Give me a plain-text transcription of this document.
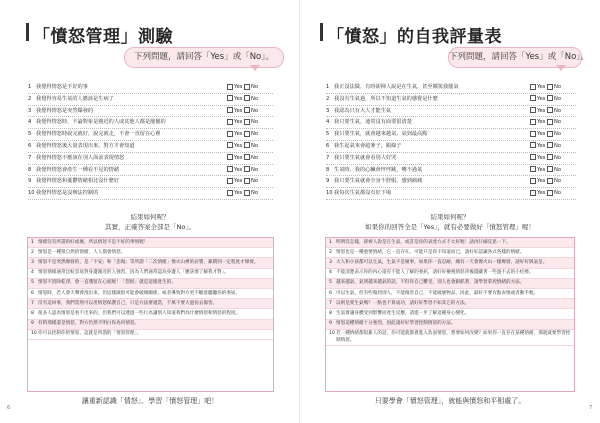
「憤怒管理」測驗
下列問題，請回答「Yes」或「No」。
1 我覺得情怒是不好的事	Yes No
2 我覺得容易生氣的人應該是生病了	Yes No
3 我覺得情怒是突然爆發的	Yes No
4 我覺得情怒時，不論對象是親近的人或其他人都是罷罷的	Yes No
5 我覺得情怒時說完就好，說完就走，不會一直留在心裡	Yes No
6 我覺得情怒後大量表現出來，對方才會知道	Yes No
7 我覺得情怒不應該在別人面前表現情怒	Yes No
8 我覺得情怒會產生一種看不見的情緒	Yes No
9 我覺得情怒和憂鬱情緒相比沒什麼好	Yes No
10 我覺得情怒是沒辦法控制的	Yes No
結果如何呢？
其實，正確答案全部是「No」。
1 情緒沒有所謂的好或壞，所以情怒不是不好的事情喔！
2 情怒是一種很自然的情緒，人人都會情怒。
3 情怒不是突然爆發的，是「不安」和「悲傷」等所謂「二次情緒」像火山裡的岩漿，累積到一定程度才爆發。
4 情怒情緒通常比較容易對身邊親近的人強烈，因為人們通常認為身邊人「應該要了解我才對」。
5 情怒不消除乾淨，會一直殘留在心底喔！「怨恨」就是這樣產生的。
6 情怒時，若人會大聲發洩出來，但這樣做很可能會破壞關係，或者導致對方更不願意聽聽你的委屈。
7 沒有這回事，我們當然可以用情怒保護自己，只是方法要適當，千萬不要大過份去傷害。
8 很多人認為情怒是看不出來的，但我們可以透過一些行為讓別人知道我們為什麼情怒和情怒的程度。
9 有時那樣還是情怒，對方仍然不明白你為何情怒。
10 你可以控制你的情怒，這就是所謂的「情怒管理」。
讓重新認識「情怒」、學習「憤怒管理」吧！
6
「憤怒」的自我評量表
下列問題，請回答「Yes」或「No」。
1 我正沒法做，有時卻揮人說是在生氣，甚至揶罵我罷氣	Yes No
2 我沒有生氣過，所以不知道生氣的感覺是什麼	Yes No
3 我認為只有大人才能生氣	Yes No
4 我只要生氣，通常沒有面要很清楚	Yes No
5 我只要生氣，就會越來越氣、氣到最高點	Yes No
6 我生起氣來會超麥子，跟綠子	Yes No
7 我只要生氣就會看別人好哭	Yes No
8 生氣時，我的心臟會怦怦跳，嘴不過氣	Yes No
9 我只要生氣就會全身不舒服，感到痛痛	Yes No
10 我每次生氣都沒有好下場	Yes No
結果如何呢？
如果你的回答全是「Yes」，就有必要做好「憤怒管理」喔！
1 明明沒怎樣，卻被人說是在生氣，或許是你的表達方式不太好喔！請再仔細反思一下。
2 情怒也是一種重要情緒，它一直存在，可能只是你不知道而已，請好好認識各式各樣的情緒。
3 大人和小孩都可以生氣，生氣不是壞事，如果你一直忍耐，總有一天會像火山一樣爆發，請好好與氣是。
4 不能清楚表示你的內心還有不能人了解的委屈，請好好檢視情怒背後隱藏著一些過不去的小疙瘩。
5 越來越氣，氣到越來越氣的話，不但你自己難受，別人也會跟抓著，請學習掌控情緒的方法。
6 可以生氣，但有些傷到別人，不能傷害自己，不能破壞物品，因此，最好不要有點表情或者動手喔。
7 以則是愛生氣嗎？一點也不算成功，請好好學習不如其它的方法。
8 生氣會讓身體受到影響而產生反應，請進一步了解這種身心變化。
9 情怒這種情緒十分強烈，因此請好好學習控制情怒的方法。
10 若一種情緒都很累人的話，你可能就都會進入負面情怒，想要如何改變？如果你一直存在某種情緒，那就就要學習控制情怒。
只要學會「憤怒管理」，就能與憤怒和平相處了。
7
